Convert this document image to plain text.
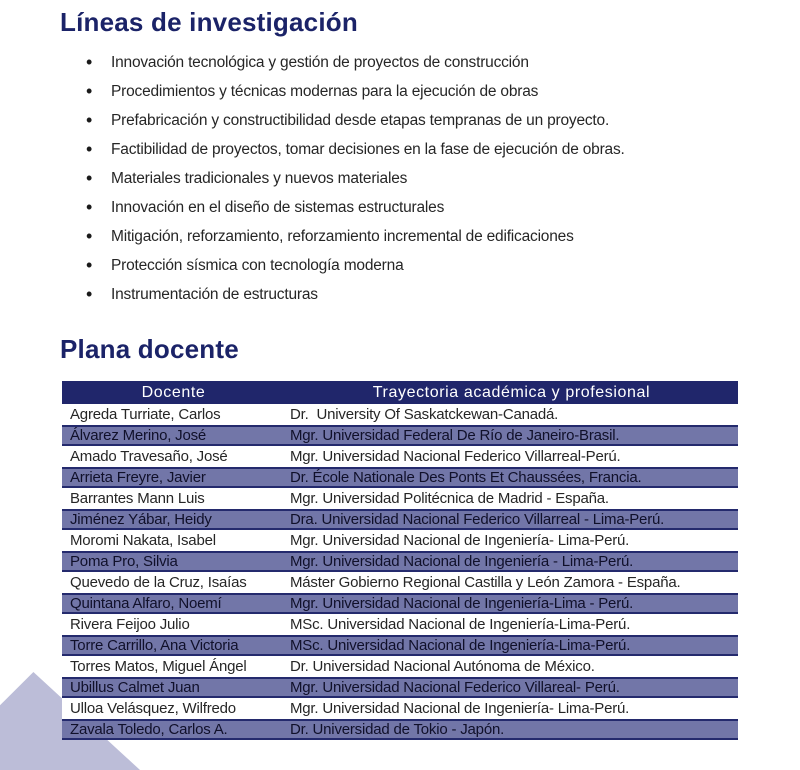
Líneas de investigación
• Innovación tecnológica y gestión de proyectos de construcción
• Procedimientos y técnicas modernas para la ejecución de obras
• Prefabricación y constructibilidad desde etapas tempranas de un proyecto.
• Factibilidad de proyectos, tomar decisiones en la fase de ejecución de obras.
• Materiales tradicionales y nuevos materiales
• Innovación en el diseño de sistemas estructurales
• Mitigación, reforzamiento, reforzamiento incremental de edificaciones
• Protección sísmica con tecnología moderna
• Instrumentación de estructuras
Plana docente
Docente	Trayectoria académica y profesional
Agreda Turriate, Carlos	Dr.  University Of Saskatckewan-Canadá.
Álvarez Merino, José	Mgr. Universidad Federal De Río de Janeiro-Brasil.
Amado Travesaño, José	Mgr. Universidad Nacional Federico Villarreal-Perú.
Arrieta Freyre, Javier	Dr. École Nationale Des Ponts Et Chaussées, Francia.
Barrantes Mann Luis	Mgr. Universidad Politécnica de Madrid - España.
Jiménez Yábar, Heidy	Dra. Universidad Nacional Federico Villarreal - Lima-Perú.
Moromi Nakata, Isabel	Mgr. Universidad Nacional de Ingeniería- Lima-Perú.
Poma Pro, Silvia	Mgr. Universidad Nacional de Ingeniería - Lima-Perú.
Quevedo de la Cruz, Isaías	Máster Gobierno Regional Castilla y León Zamora - España.
Quintana Alfaro, Noemí	Mgr. Universidad Nacional de Ingeniería-Lima - Perú.
Rivera Feijoo Julio	MSc. Universidad Nacional de Ingeniería-Lima-Perú.
Torre Carrillo, Ana Victoria	MSc. Universidad Nacional de Ingeniería-Lima-Perú.
Torres Matos, Miguel Ángel	Dr. Universidad Nacional Autónoma de México.
Ubillus Calmet Juan	Mgr. Universidad Nacional Federico Villareal- Perú.
Ulloa Velásquez, Wilfredo	Mgr. Universidad Nacional de Ingeniería- Lima-Perú.
Zavala Toledo, Carlos A.	Dr. Universidad de Tokio - Japón.
